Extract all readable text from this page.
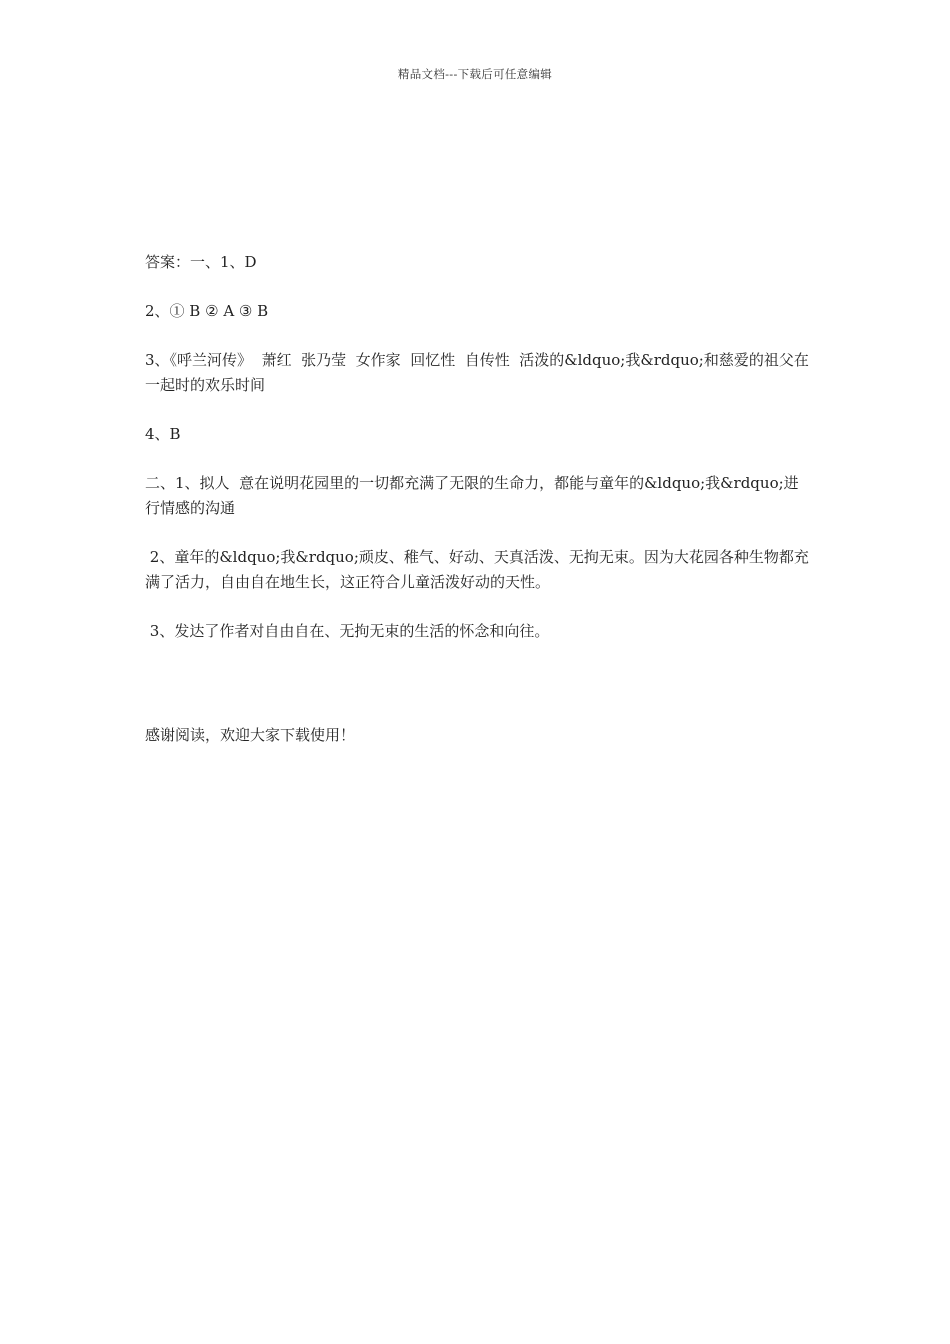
精品文档---下载后可任意编辑

答案：一、1、D

2、① B ② A ③ B

3、《呼兰河传》  萧红  张乃莹  女作家  回忆性  自传性  活泼的&ldquo;我&rdquo;和慈爱的祖父在一起时的欢乐时间

4、B

二、1、拟人  意在说明花园里的一切都充满了无限的生命力，都能与童年的&ldquo;我&rdquo;进行情感的沟通

2、童年的&ldquo;我&rdquo;顽皮、稚气、好动、天真活泼、无拘无束。因为大花园各种生物都充满了活力，自由自在地生长，这正符合儿童活泼好动的天性。

3、发达了作者对自由自在、无拘无束的生活的怀念和向往。

感谢阅读，欢迎大家下载使用！
